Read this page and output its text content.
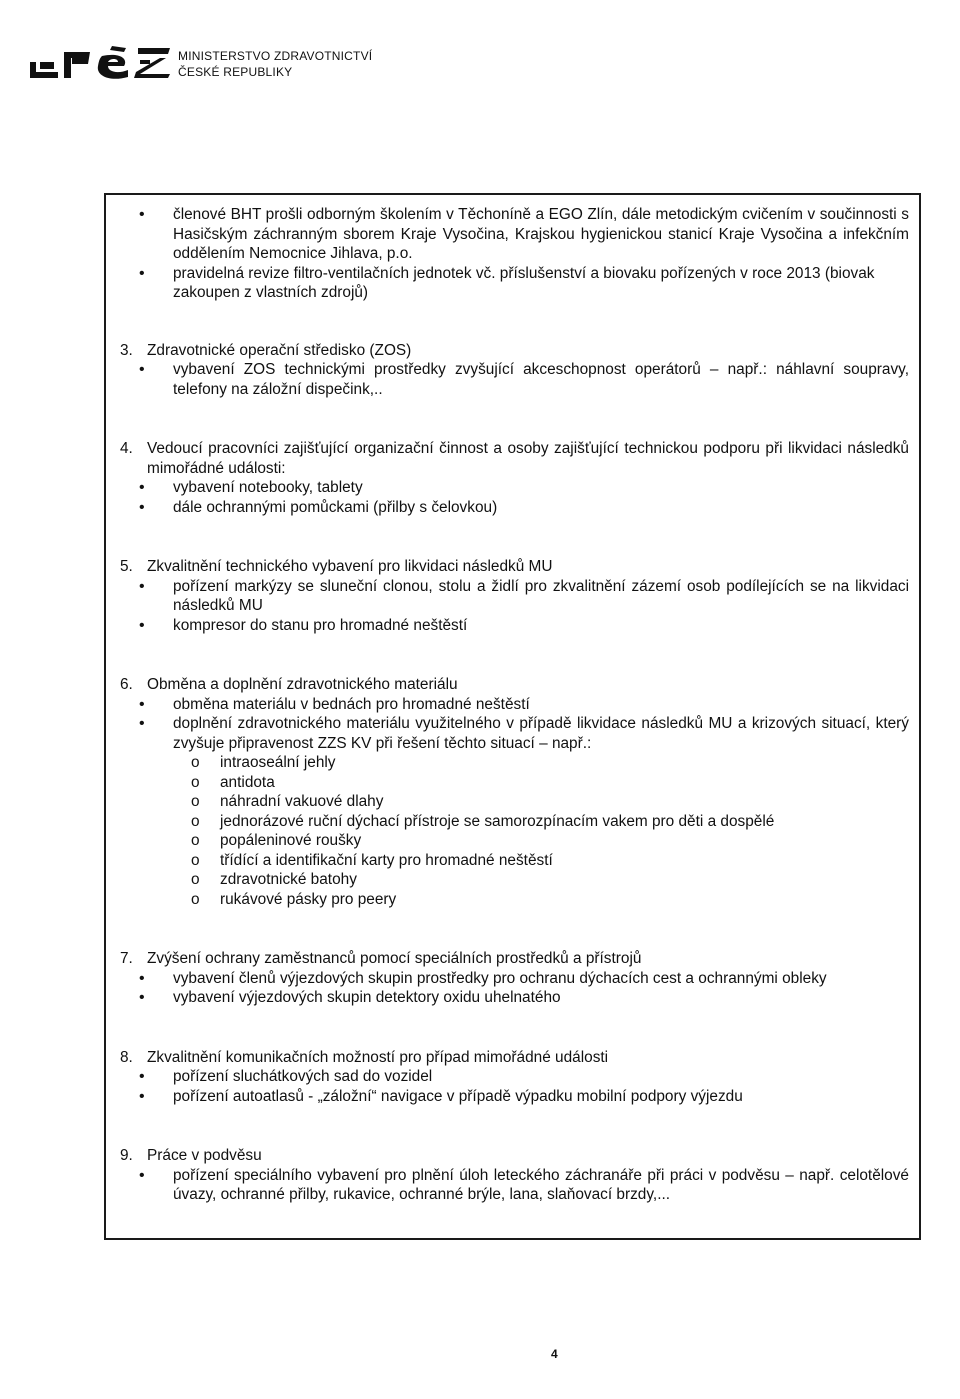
MINISTERSTVO ZDRAVOTNICTVÍ
ČESKÉ REPUBLIKY
• členové BHT prošli odborným školením v Těchoníně a EGO Zlín, dále metodickým cvičením v součinnosti s Hasičským záchranným sborem Kraje Vysočina, Krajskou hygienickou stanicí Kraje Vysočina a infekčním oddělením Nemocnice Jihlava, p.o.
• pravidelná revize filtro-ventilačních jednotek vč. příslušenství a biovaku pořízených v roce 2013 (biovak zakoupen z vlastních zdrojů)
3. Zdravotnické operační středisko (ZOS)
• vybavení ZOS technickými prostředky zvyšující akceschopnost operátorů – např.: náhlavní soupravy, telefony na záložní dispečink,..
4. Vedoucí pracovníci zajišťující organizační činnost a osoby zajišťující technickou podporu při likvidaci následků mimořádné události:
• vybavení notebooky, tablety
• dále ochrannými pomůckami (přilby s čelovkou)
5. Zkvalitnění technického vybavení pro likvidaci následků MU
• pořízení markýzy se sluneční clonou, stolu a židlí pro zkvalitnění zázemí osob podílejících se na likvidaci následků MU
• kompresor do stanu pro hromadné neštěstí
6. Obměna a doplnění zdravotnického materiálu
• obměna materiálu v bednách pro hromadné neštěstí
• doplnění zdravotnického materiálu využitelného v případě likvidace následků MU a krizových situací, který zvyšuje připravenost ZZS KV při řešení těchto situací – např.:
o intraoseální jehly
o antidota
o náhradní vakuové dlahy
o jednorázové ruční dýchací přístroje se samorozpínacím vakem pro děti a dospělé
o popáleninové roušky
o třídící a identifikační karty pro hromadné neštěstí
o zdravotnické batohy
o rukávové pásky pro peery
7. Zvýšení ochrany zaměstnanců pomocí speciálních prostředků a přístrojů
• vybavení členů výjezdových skupin prostředky pro ochranu dýchacích cest a ochrannými obleky
• vybavení výjezdových skupin detektory oxidu uhelnatého
8. Zkvalitnění komunikačních možností pro případ mimořádné události
• pořízení sluchátkových sad do vozidel
• pořízení autoatlasů - „záložní“ navigace v případě výpadku mobilní podpory výjezdu
9. Práce v podvěsu
• pořízení speciálního vybavení pro plnění úloh leteckého záchranáře při práci v podvěsu – např. celotělové úvazy, ochranné přilby, rukavice, ochranné brýle, lana, slaňovací brzdy,...
4
